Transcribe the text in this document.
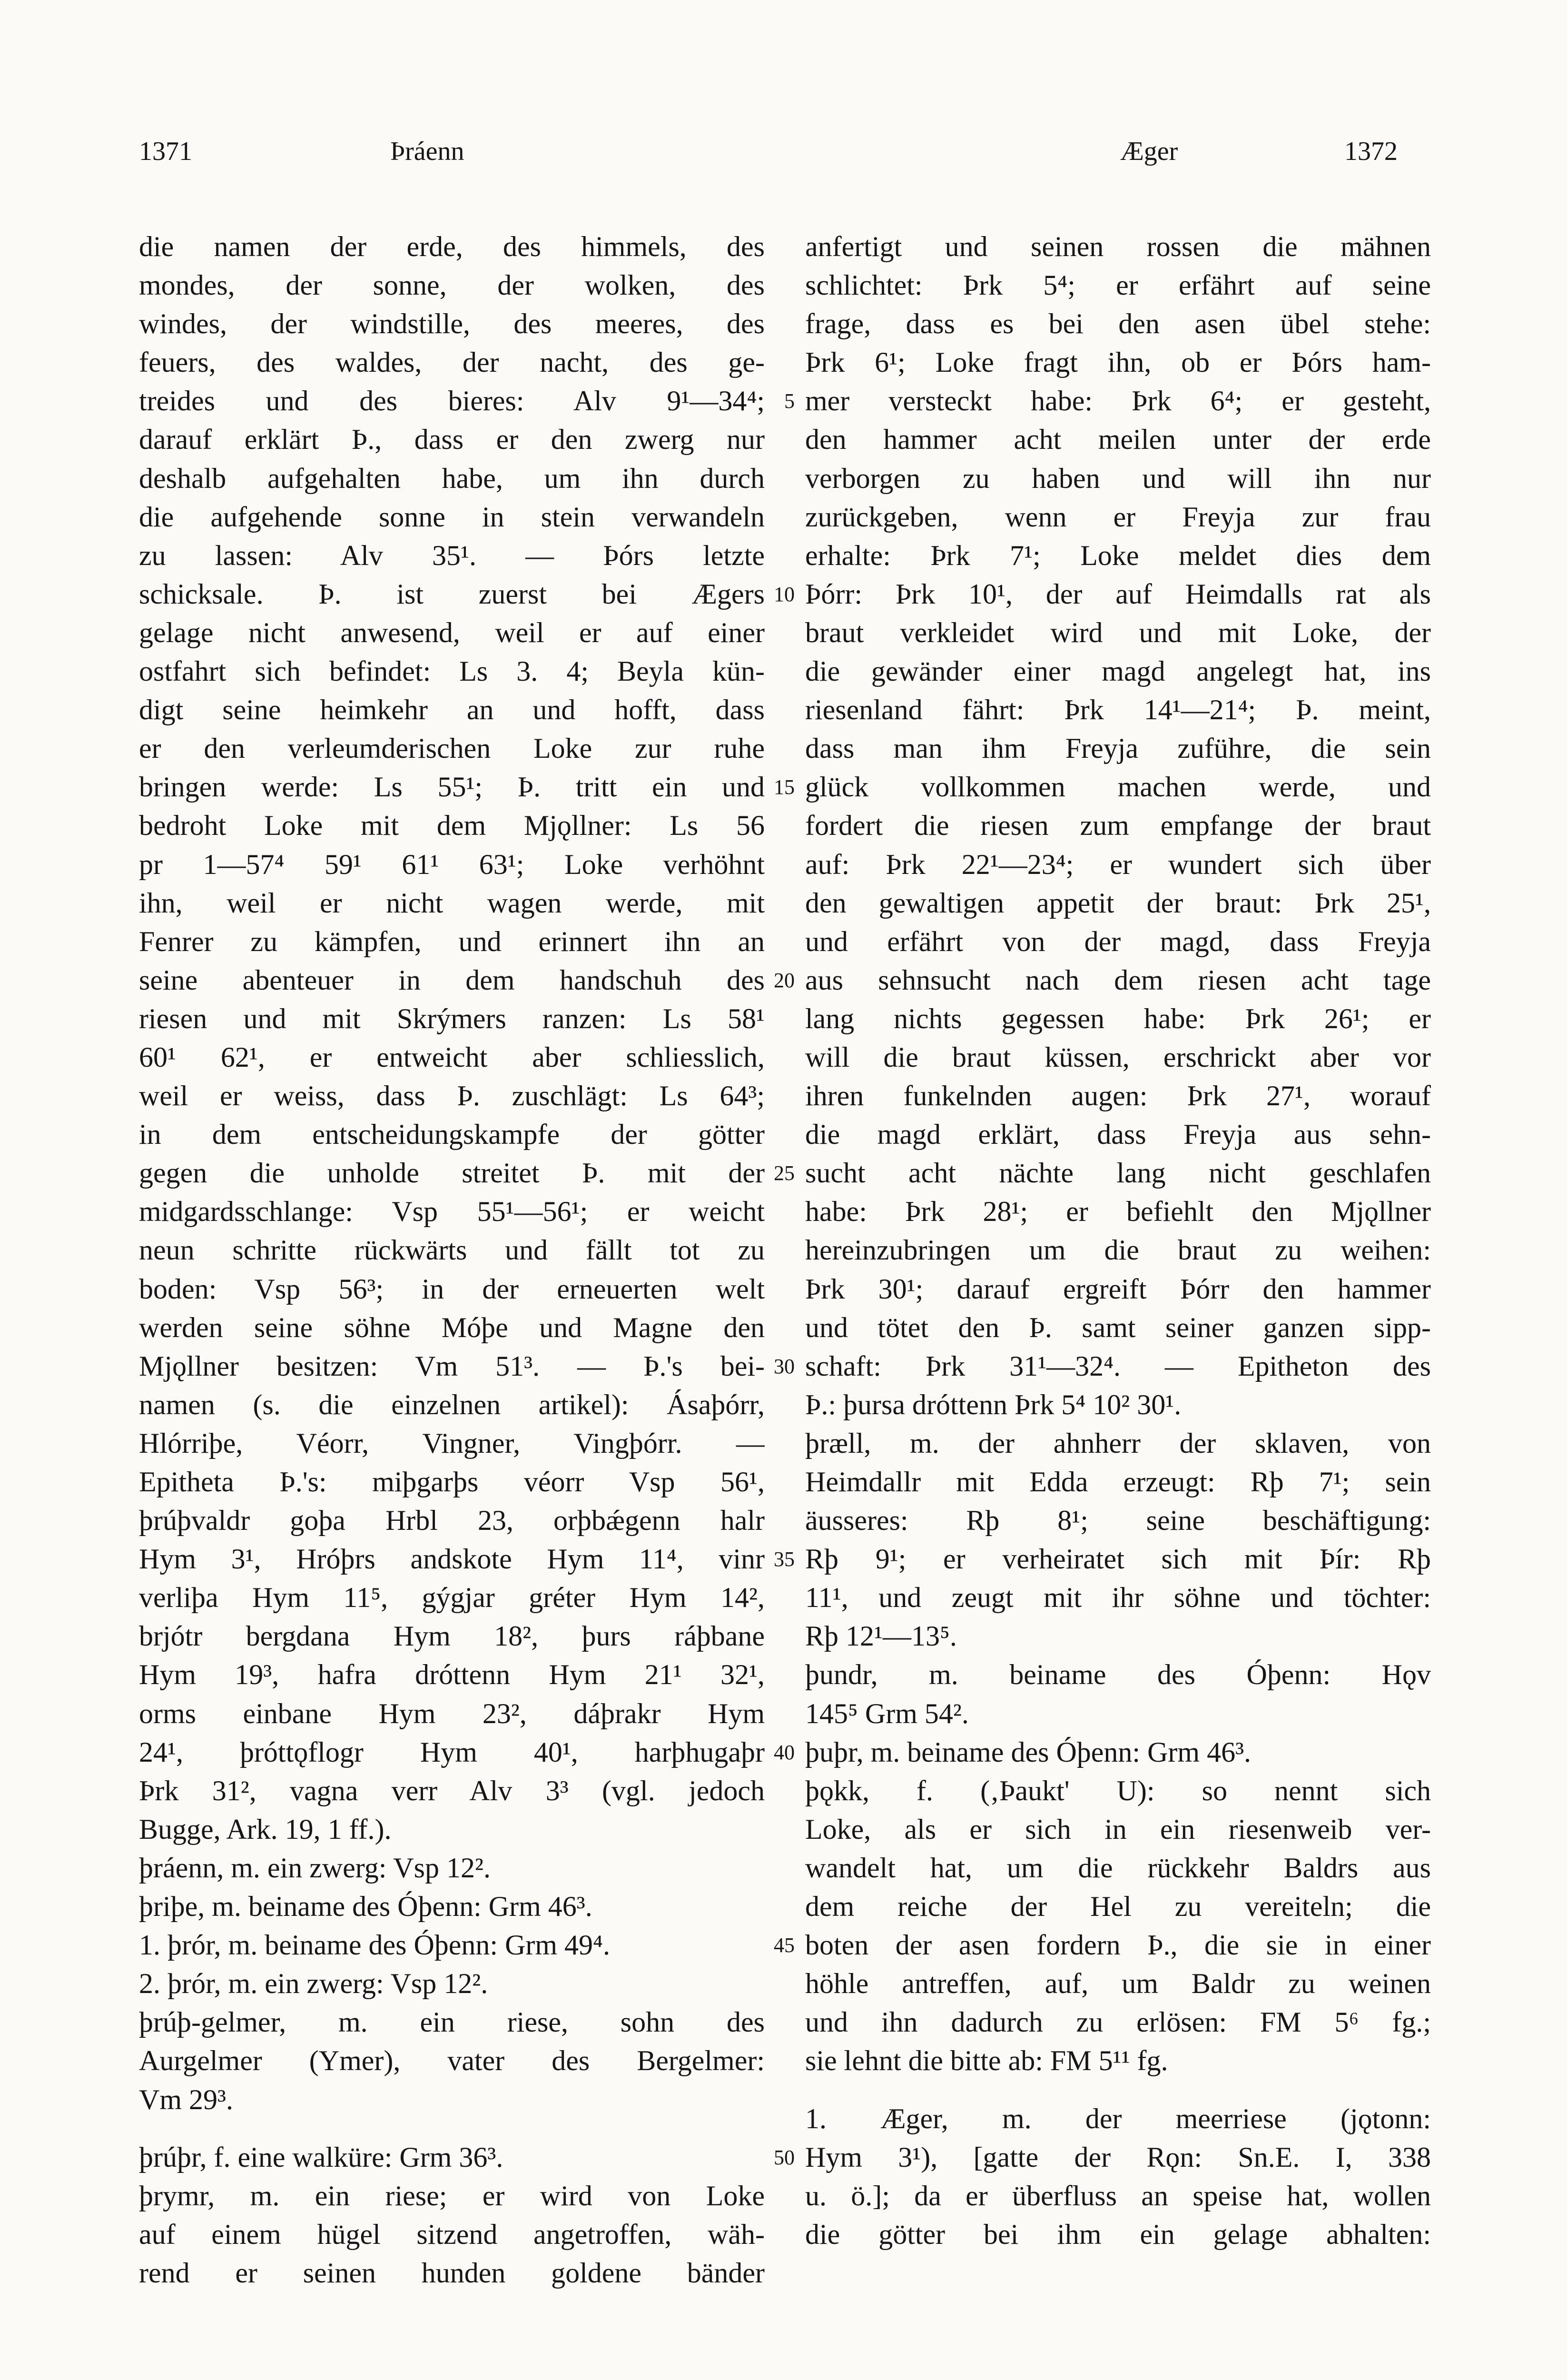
1371	Þráenn	Æger	1372
die namen der erde, des himmels, des
mondes, der sonne, der wolken, des
windes, der windstille, des meeres, des
feuers, des waldes, der nacht, des ge-
treides und des bieres: Alv 9¹—34⁴;
darauf erklärt Þ., dass er den zwerg nur
deshalb aufgehalten habe, um ihn durch
die aufgehende sonne in stein verwandeln
zu lassen: Alv 35¹. — Þórs letzte
schicksale. Þ. ist zuerst bei Ægers
gelage nicht anwesend, weil er auf einer
ostfahrt sich befindet: Ls 3. 4; Beyla kün-
digt seine heimkehr an und hofft, dass
er den verleumderischen Loke zur ruhe
bringen werde: Ls 55¹; Þ. tritt ein und
bedroht Loke mit dem Mjǫllner: Ls 56
pr 1—57⁴ 59¹ 61¹ 63¹; Loke verhöhnt
ihn, weil er nicht wagen werde, mit
Fenrer zu kämpfen, und erinnert ihn an
seine abenteuer in dem handschuh des
riesen und mit Skrýmers ranzen: Ls 58¹
60¹ 62¹, er entweicht aber schliesslich,
weil er weiss, dass Þ. zuschlägt: Ls 64³;
in dem entscheidungskampfe der götter
gegen die unholde streitet Þ. mit der
midgardsschlange: Vsp 55¹—56¹; er weicht
neun schritte rückwärts und fällt tot zu
boden: Vsp 56³; in der erneuerten welt
werden seine söhne Móþe und Magne den
Mjǫllner besitzen: Vm 51³. — Þ.'s bei-
namen (s. die einzelnen artikel): Ásaþórr,
Hlórriþe, Véorr, Vingner, Vingþórr. —
Epitheta Þ.'s: miþgarþs véorr Vsp 56¹,
þrúþvaldr goþa Hrbl 23, orþbǽgenn halr
Hym 3¹, Hróþrs andskote Hym 11⁴, vinr
verliþa Hym 11⁵, gýgjar gréter Hym 14²,
brjótr bergdana Hym 18², þurs ráþbane
Hym 19³, hafra dróttenn Hym 21¹ 32¹,
orms einbane Hym 23², dáþrakr Hym
24¹, þróttǫflogr Hym 40¹, harþhugaþr
Þrk 31², vagna verr Alv 3³ (vgl. jedoch
Bugge, Ark. 19, 1 ff.).
þráenn, m. ein zwerg: Vsp 12².
þriþe, m. beiname des Óþenn: Grm 46³.
1. þrór, m. beiname des Óþenn: Grm 49⁴.
2. þrór, m. ein zwerg: Vsp 12².
þrúþ-gelmer, m. ein riese, sohn des
Aurgelmer (Ymer), vater des Bergelmer:
Vm 29³.
þrúþr, f. eine walküre: Grm 36³.
þrymr, m. ein riese; er wird von Loke
auf einem hügel sitzend angetroffen, wäh-
rend er seinen hunden goldene bänder
5
10
15
20
25
30
35
40
45
50
anfertigt und seinen rossen die mähnen
schlichtet: Þrk 5⁴; er erfährt auf seine
frage, dass es bei den asen übel stehe:
Þrk 6¹; Loke fragt ihn, ob er Þórs ham-
mer versteckt habe: Þrk 6⁴; er gesteht,
den hammer acht meilen unter der erde
verborgen zu haben und will ihn nur
zurückgeben, wenn er Freyja zur frau
erhalte: Þrk 7¹; Loke meldet dies dem
Þórr: Þrk 10¹, der auf Heimdalls rat als
braut verkleidet wird und mit Loke, der
die gewänder einer magd angelegt hat, ins
riesenland fährt: Þrk 14¹—21⁴; Þ. meint,
dass man ihm Freyja zuführe, die sein
glück vollkommen machen werde, und
fordert die riesen zum empfange der braut
auf: Þrk 22¹—23⁴; er wundert sich über
den gewaltigen appetit der braut: Þrk 25¹,
und erfährt von der magd, dass Freyja
aus sehnsucht nach dem riesen acht tage
lang nichts gegessen habe: Þrk 26¹; er
will die braut küssen, erschrickt aber vor
ihren funkelnden augen: Þrk 27¹, worauf
die magd erklärt, dass Freyja aus sehn-
sucht acht nächte lang nicht geschlafen
habe: Þrk 28¹; er befiehlt den Mjǫllner
hereinzubringen um die braut zu weihen:
Þrk 30¹; darauf ergreift Þórr den hammer
und tötet den Þ. samt seiner ganzen sipp-
schaft: Þrk 31¹—32⁴. — Epitheton des
Þ.: þursa dróttenn Þrk 5⁴ 10² 30¹.
þræll, m. der ahnherr der sklaven, von
Heimdallr mit Edda erzeugt: Rþ 7¹; sein
äusseres: Rþ 8¹; seine beschäftigung:
Rþ 9¹; er verheiratet sich mit Þír: Rþ
11¹, und zeugt mit ihr söhne und töchter:
Rþ 12¹—13⁵.
þundr, m. beiname des Óþenn: Hǫv
145⁵ Grm 54².
þuþr, m. beiname des Óþenn: Grm 46³.
þǫkk, f. (‚Þaukt' U): so nennt sich
Loke, als er sich in ein riesenweib ver-
wandelt hat, um die rückkehr Baldrs aus
dem reiche der Hel zu vereiteln; die
boten der asen fordern Þ., die sie in einer
höhle antreffen, auf, um Baldr zu weinen
und ihn dadurch zu erlösen: FM 5⁶ fg.;
sie lehnt die bitte ab: FM 5¹¹ fg.
1. Æger, m. der meerriese (jǫtonn:
Hym 3¹), [gatte der Rǫn: Sn.E. I, 338
u. ö.]; da er überfluss an speise hat, wollen
die götter bei ihm ein gelage abhalten:
